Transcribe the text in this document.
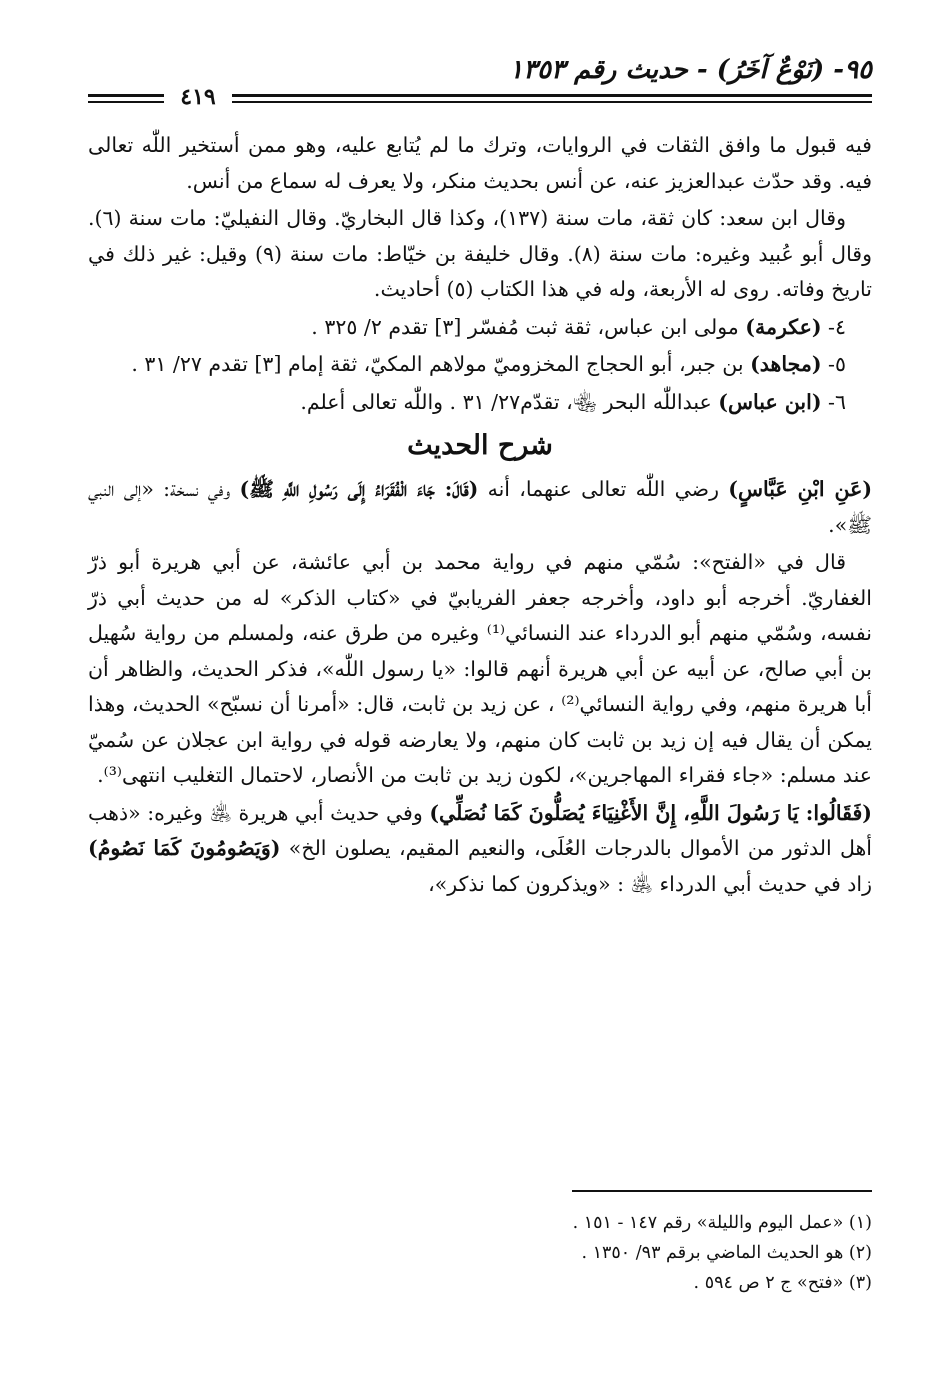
٩٥- (نَوْعٌ آخَرُ) - حديث رقم ١٣٥٣
٤١٩

فيه قبول ما وافق الثقات في الروايات، وترك ما لم يُتابع عليه، وهو ممن أستخير اللّٰه تعالى فيه. وقد حدّث عبدالعزيز عنه، عن أنس بحديث منكر، ولا يعرف له سماع من أنس.

وقال ابن سعد: كان ثقة، مات سنة (١٣٧)، وكذا قال البخاريّ. وقال النفيليّ: مات سنة (٦). وقال أبو عُبيد وغيره: مات سنة (٨). وقال خليفة بن خيّاط: مات سنة (٩) وقيل: غير ذلك في تاريخ وفاته. روى له الأربعة، وله في هذا الكتاب (٥) أحاديث.

٤- (عكرمة) مولى ابن عباس، ثقة ثبت مُفسّر [٣] تقدم ٢/ ٣٢٥ .

٥- (مجاهد) بن جبر، أبو الحجاج المخزوميّ مولاهم المكيّ، ثقة إمام [٣] تقدم ٢٧/ ٣١ .

٦- (ابن عباس) عبداللّٰه البحر ﵄، تقدّم٢٧/ ٣١ . واللّٰه تعالى أعلم.

شرح الحديث

(عَنِ ابْنِ عَبَّاسٍ) رضي اللّٰه تعالى عنهما، أنه (قَالَ: جَاءَ الْفُقَرَاءُ إِلَى رَسُولِ اللَّهِ ﷺ) وفي نسخة: «إلى النبي ﷺ».

قال في «الفتح»: سُمّي منهم في رواية محمد بن أبي عائشة، عن أبي هريرة أبو ذرّ الغفاريّ. أخرجه أبو داود، وأخرجه جعفر الفريابيّ في «كتاب الذكر» له من حديث أبي ذرّ نفسه، وسُمّي منهم أبو الدرداء عند النسائي⁽¹⁾ وغيره من طرق عنه، ولمسلم من رواية سُهيل بن أبي صالح، عن أبيه عن أبي هريرة أنهم قالوا: «يا رسول اللّٰه»، فذكر الحديث، والظاهر أن أبا هريرة منهم، وفي رواية النسائي⁽²⁾ ، عن زيد بن ثابت، قال: «أمرنا أن نسبّح» الحديث، وهذا يمكن أن يقال فيه إن زيد بن ثابت كان منهم، ولا يعارضه قوله في رواية ابن عجلان عن سُميّ عند مسلم: «جاء فقراء المهاجرين»، لكون زيد بن ثابت من الأنصار، لاحتمال التغليب انتهى⁽³⁾.

(فَقَالُوا: يَا رَسُولَ اللَّهِ، إِنَّ الأَغْنِيَاءَ يُصَلُّونَ كَمَا نُصَلِّي) وفي حديث أبي هريرة ﵁ وغيره: «ذهب أهل الدثور من الأموال بالدرجات العُلَى، والنعيم المقيم، يصلون الخ» (وَيَصُومُونَ كَمَا نَصُومُ) زاد في حديث أبي الدرداء ﵁ : «ويذكرون كما نذكر»،

(١) «عمل اليوم والليلة» رقم ١٤٧ - ١٥١ .

(٢) هو الحديث الماضي برقم ٩٣/ ١٣٥٠ .

(٣) «فتح» ج ٢ ص ٥٩٤ .
